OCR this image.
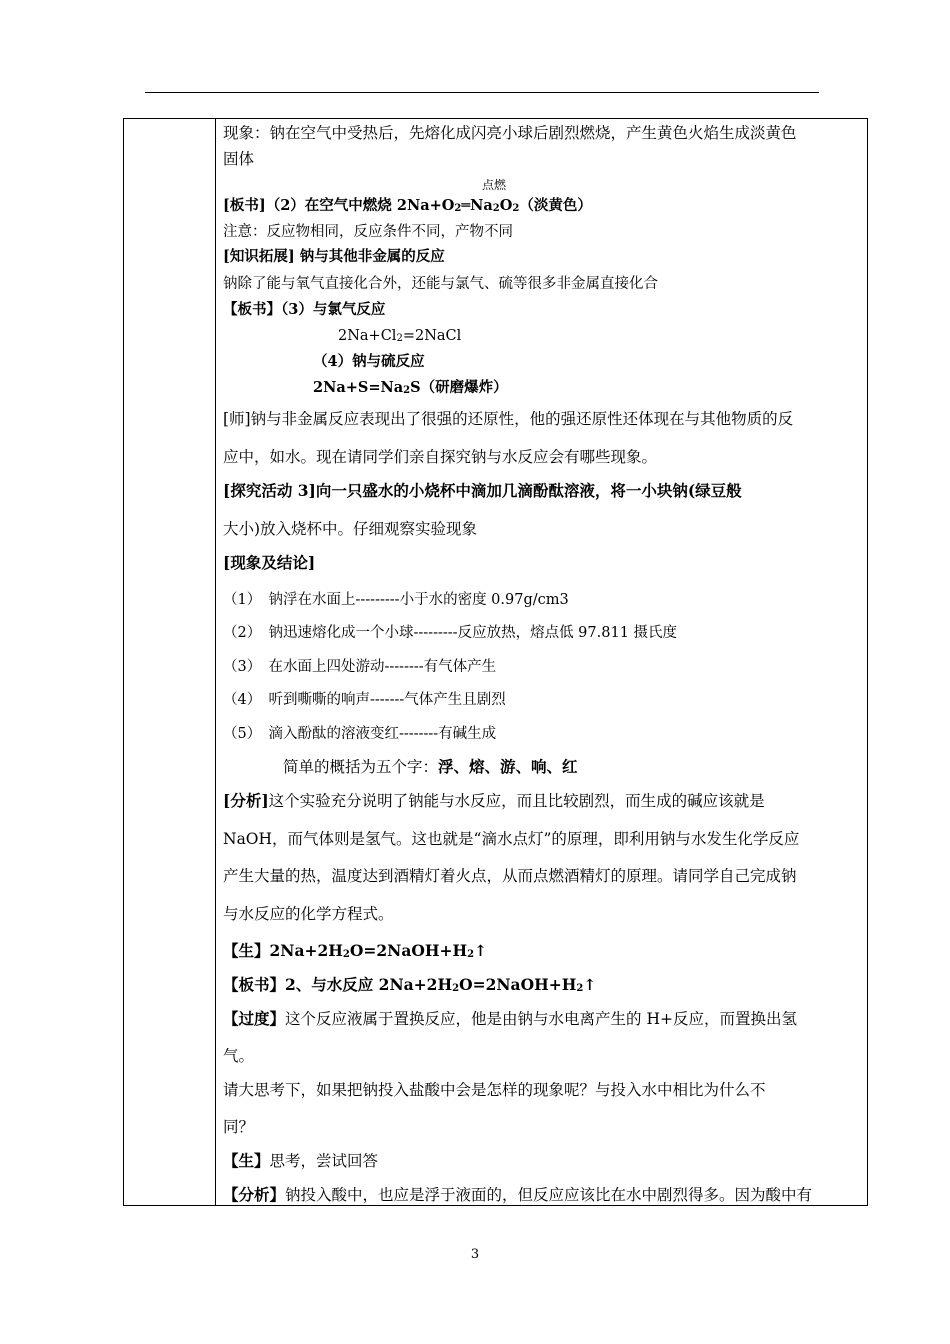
现象：钠在空气中受热后，先熔化成闪亮小球后剧烈燃烧，产生黄色火焰生成淡黄色
固体
点燃
[板书]（2）在空气中燃烧 $2Na+O_2═Na_2O_2$（淡黄色）
注意：反应物相同，反应条件不同，产物不同
[知识拓展] 钠与其他非金属的反应
钠除了能与氧气直接化合外，还能与氯气、硫等很多非金属直接化合
【板书】（3）与氯气反应
$2Na+Cl_2=2NaCl$
（4）钠与硫反应
$2Na+S=Na_2S$（研磨爆炸）
[师]钠与非金属反应表现出了很强的还原性，他的强还原性还体现在与其他物质的反
应中，如水。现在请同学们亲自探究钠与水反应会有哪些现象。
[探究活动 3]向一只盛水的小烧杯中滴加几滴酚酞溶液，将一小块钠(绿豆般
大小)放入烧杯中。仔细观察实验现象
[现象及结论]
（1）　钠浮在水面上---------小于水的密度 0.97g/cm3
（2）　钠迅速熔化成一个小球---------反应放热，熔点低 97.811 摄氏度
（3）　在水面上四处游动--------有气体产生
（4）　听到嘶嘶的响声-------气体产生且剧烈
（5）　滴入酚酞的溶液变红--------有碱生成
简单的概括为五个字：浮、熔、游、响、红
[分析]这个实验充分说明了钠能与水反应，而且比较剧烈，而生成的碱应该就是
NaOH，而气体则是氢气。这也就是“滴水点灯”的原理，即利用钠与水发生化学反应
产生大量的热，温度达到酒精灯着火点，从而点燃酒精灯的原理。请同学自己完成钠
与水反应的化学方程式。
【生】$2Na+2H_2O=2NaOH+H_2↑$
【板书】2、与水反应 $2Na+2H_2O=2NaOH+H_2↑$
【过度】这个反应液属于置换反应，他是由钠与水电离产生的 H+反应，而置换出氢
气。
请大思考下，如果把钠投入盐酸中会是怎样的现象呢？与投入水中相比为什么不
同？
【生】思考，尝试回答
【分析】钠投入酸中，也应是浮于液面的，但反应应该比在水中剧烈得多。因为酸中有
3
